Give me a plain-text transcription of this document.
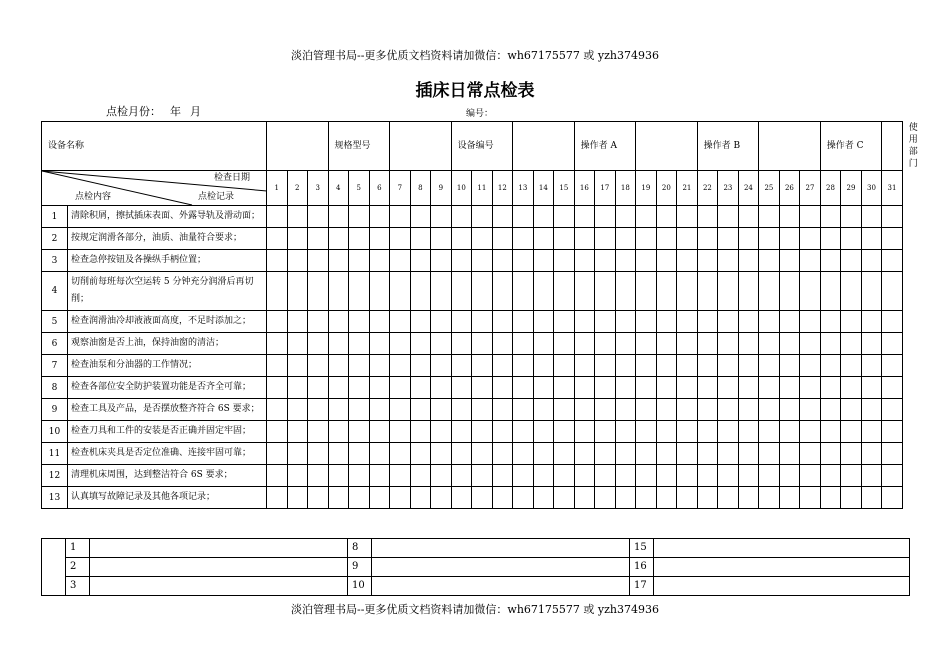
淡泊管理书局--更多优质文档资料请加微信：wh67175577 或 yzh374936
插床日常点检表
点检月份： 年 月	编号：
设备名称					规格型号						设备编号						操作者 A						操作者 B						操作者 C				使用部门	

检查日期
点检内容 点检记录		1	2	3	4	5	6	7	8	9	10	11	12	13	14	15	16	17	18	19	20	21	22	23	24	25	26	27	28	29	30	31	
1	清除积屑，擦拭插床表面、外露导轨及滑动面；																																
2	按规定润滑各部分，油质、油量符合要求；																																
3	检查急停按钮及各操纵手柄位置；																																
4	切削前每班每次空运转 5 分钟充分润滑后再切削；																																
5	检查润滑油冷却液液面高度，不足时添加之；																																
6	观察油窗是否上油，保持油窗的清洁；																																
7	检查油泵和分油器的工作情况；																																
8	检查各部位安全防护装置功能是否齐全可靠；																																
9	检查工具及产品，是否摆放整齐符合 6S 要求；																																
10	检查刀具和工件的安装是否正确并固定牢固；																																
11	检查机床夹具是否定位准确、连接牢固可靠；																																
12	清理机床周围，达到整洁符合 6S 要求；																																
13	认真填写故障记录及其他各项记录；																																
	1		8		15	
	2		9		16	
	3		10		17	
淡泊管理书局--更多优质文档资料请加微信：wh67175577 或 yzh374936
